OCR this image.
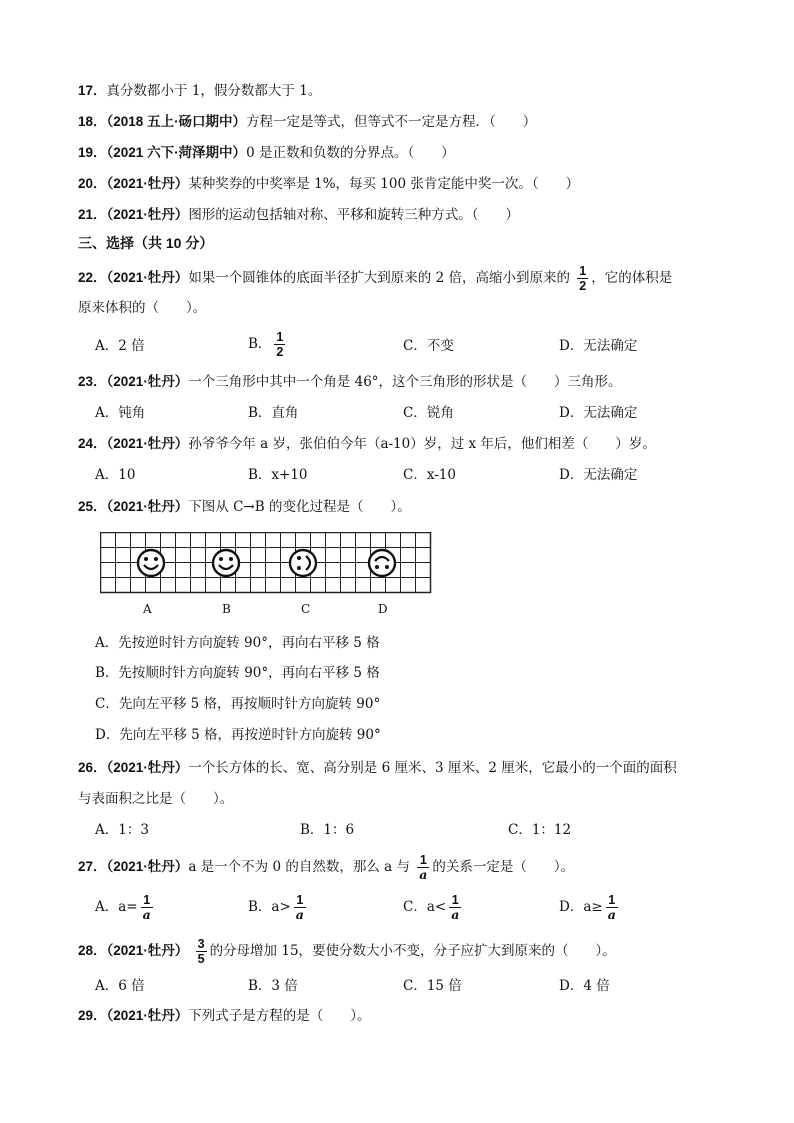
17．真分数都小于 1，假分数都大于 1。
18．（2018 五上·砀口期中）方程一定是等式，但等式不一定是方程．（　　）
19．（2021 六下·菏泽期中）0 是正数和负数的分界点。（　　）
20．（2021·牡丹）某种奖券的中奖率是 1%，每买 100 张肯定能中奖一次。（　　）
21．（2021·牡丹）图形的运动包括轴对称、平移和旋转三种方式。（　　）
三、选择（共 10 分）
22．（2021·牡丹）如果一个圆锥体的底面半径扩大到原来的 2 倍，高缩小到原来的 $\frac{1}{2}$ ，它的体积是
原来体积的（　　）。
A．2 倍	B． $\frac{1}{2}$	C．不变	D．无法确定
23．（2021·牡丹）一个三角形中其中一个角是 46°，这个三角形的形状是（　　）三角形。
A．钝角	B．直角	C．锐角	D．无法确定
24．（2021·牡丹）孙爷爷今年 a 岁，张伯伯今年（a-10）岁，过 x 年后，他们相差（　　）岁。
A．10	B．x+10	C．x-10	D．无法确定
25．（2021·牡丹）下图从 C→B 的变化过程是（　　）。
A	B	C	D
A．先按逆时针方向旋转 90°，再向右平移 5 格
B．先按顺时针方向旋转 90°，再向右平移 5 格
C．先向左平移 5 格，再按顺时针方向旋转 90°
D．先向左平移 5 格，再按逆时针方向旋转 90°
26．（2021·牡丹）一个长方体的长、宽、高分别是 6 厘米、3 厘米、2 厘米，它最小的一个面的面积
与表面积之比是（　　）。
A．1：3	B．1：6	C．1：12
27．（2021·牡丹）a 是一个不为 0 的自然数，那么 a 与 $\frac{1}{a}$ 的关系一定是（　　）。
A．$a= \frac{1}{a}$	B．$a> \frac{1}{a}$	C．$a< \frac{1}{a}$	D．$a\ge \frac{1}{a}$
28．（2021·牡丹） $\frac{3}{5}$ 的分母增加 15，要使分数大小不变，分子应扩大到原来的（　　）。
A．6 倍	B．3 倍	C．15 倍	D．4 倍
29．（2021·牡丹）下列式子是方程的是（　　）。
